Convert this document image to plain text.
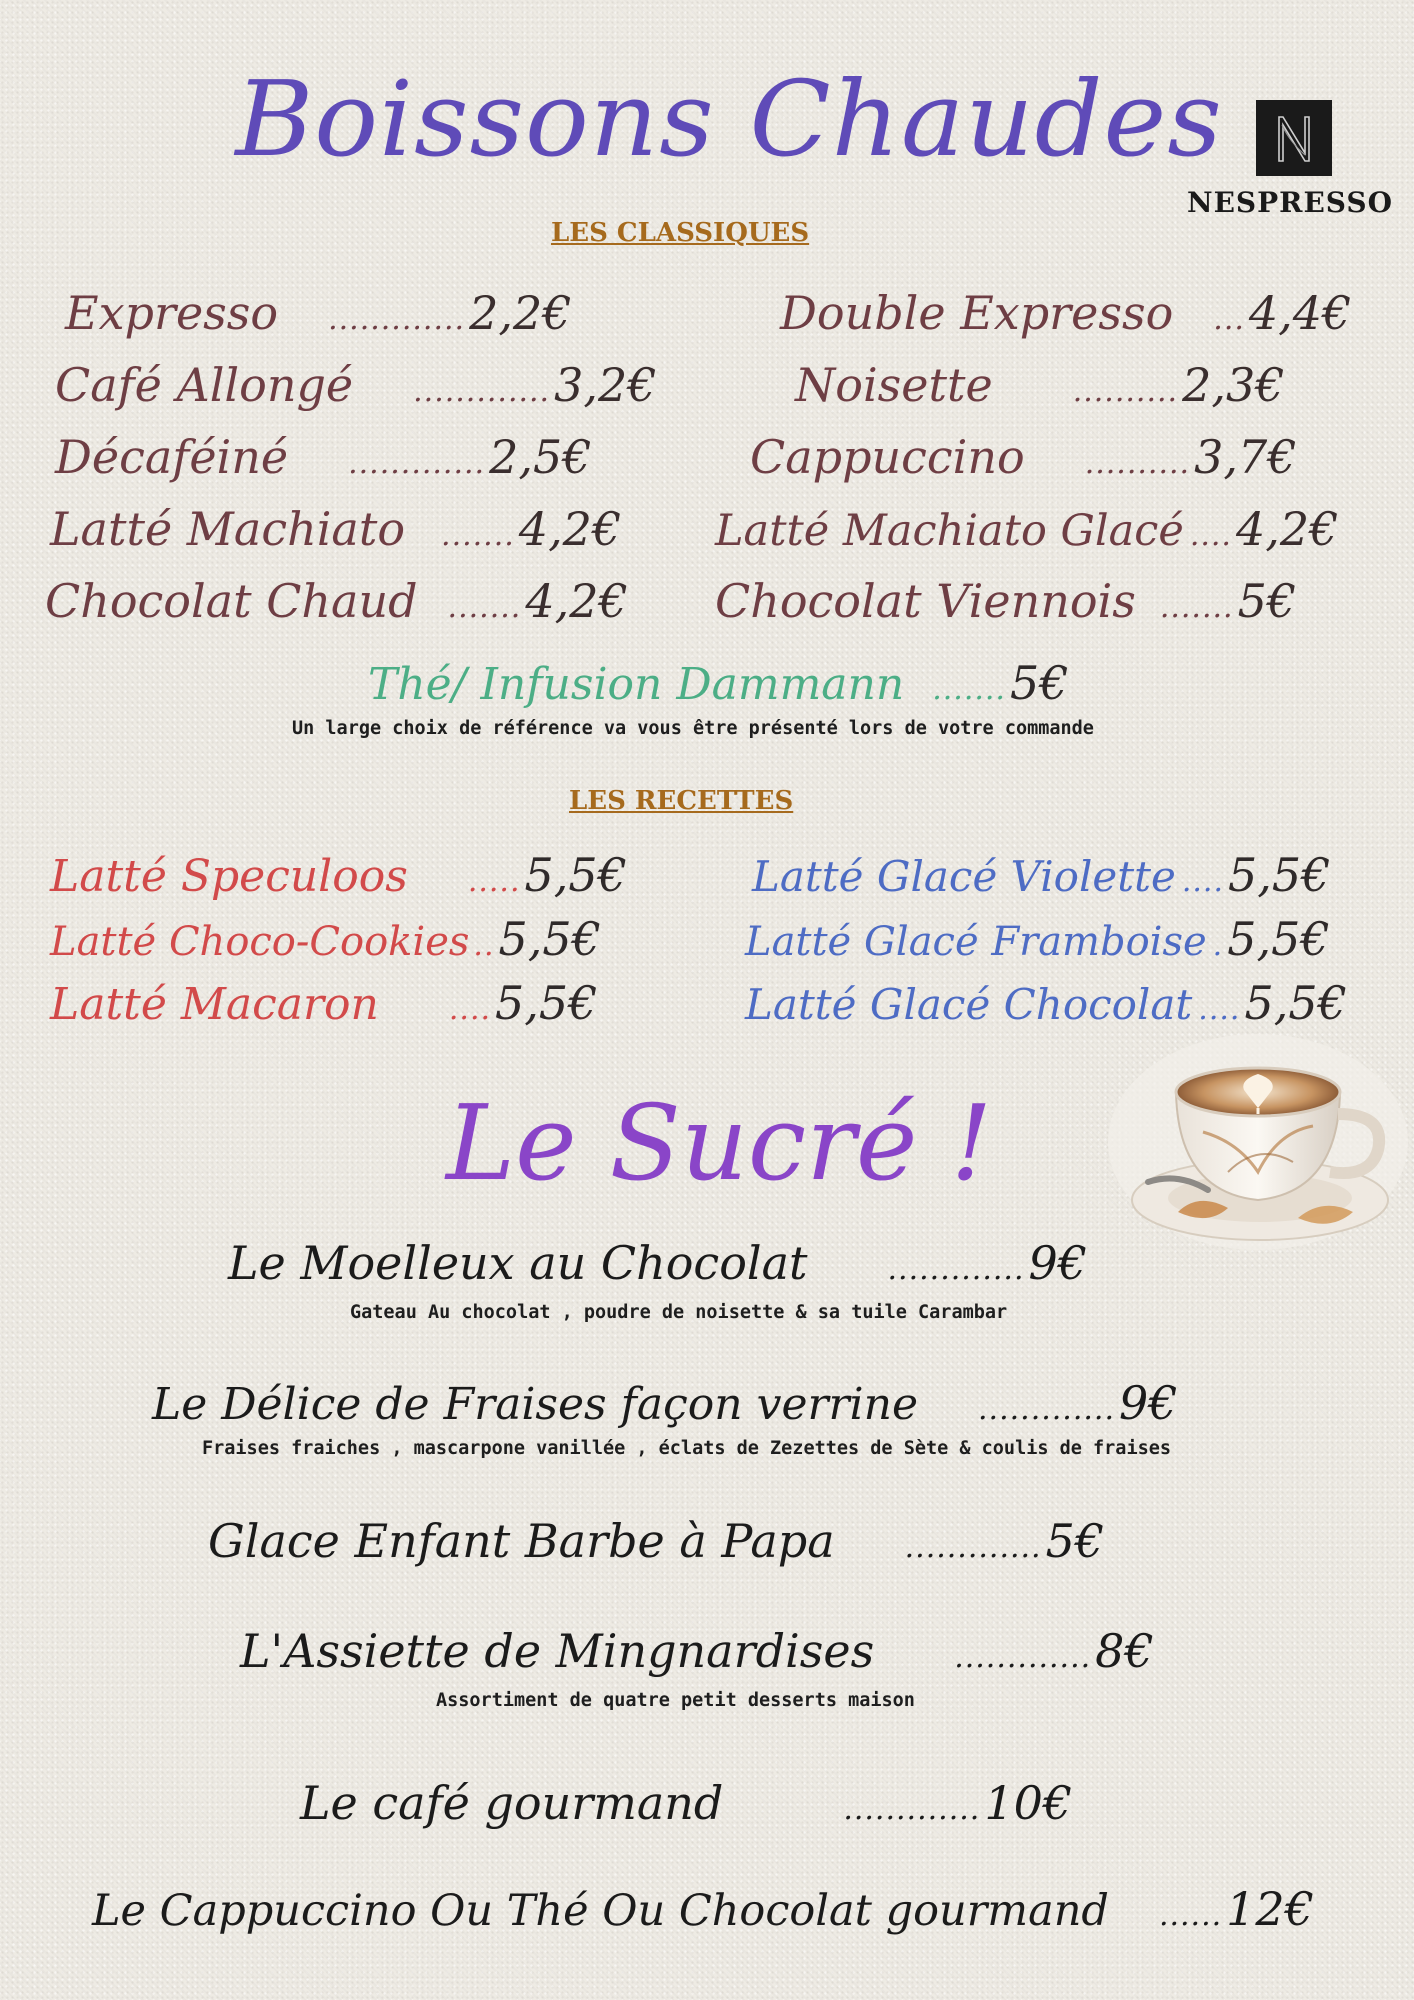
Boissons Chaudes
NESPRESSO
LES CLASSIQUES
Expresso .............2,2€
Café Allongé .............3,2€
Décaféiné .............2,5€
Latté Machiato .......4,2€
Chocolat Chaud .......4,2€
Double Expresso ...4,4€
Noisette	..........2,3€
Cappuccino ..........3,7€
Latté Machiato Glacé ....4,2€
Chocolat Viennois .......5€
Thé/ Infusion Dammann .......5€
Un large choix de référence va vous être présenté lors de votre commande
LES RECETTES
Latté Speculoos .....5,5€
Latté Choco-Cookies ..5,5€
Latté Macaron ....5,5€
Latté Glacé Violette ....5,5€
Latté Glacé Framboise .5,5€
Latté Glacé Chocolat ....5,5€
Le Sucré !
Le Moelleux au Chocolat	.............9€
Gateau Au chocolat , poudre de noisette & sa tuile Carambar
Le Délice de Fraises façon verrine .............9€
Fraises fraiches , mascarpone vanillée , éclats de Zezettes de Sète & coulis de fraises
Glace Enfant Barbe à Papa .............5€
L'Assiette de Mingnardises	.............8€
Assortiment de quatre petit desserts maison
Le café gourmand	.............10€
Le Cappuccino Ou Thé Ou Chocolat gourmand ......12€
